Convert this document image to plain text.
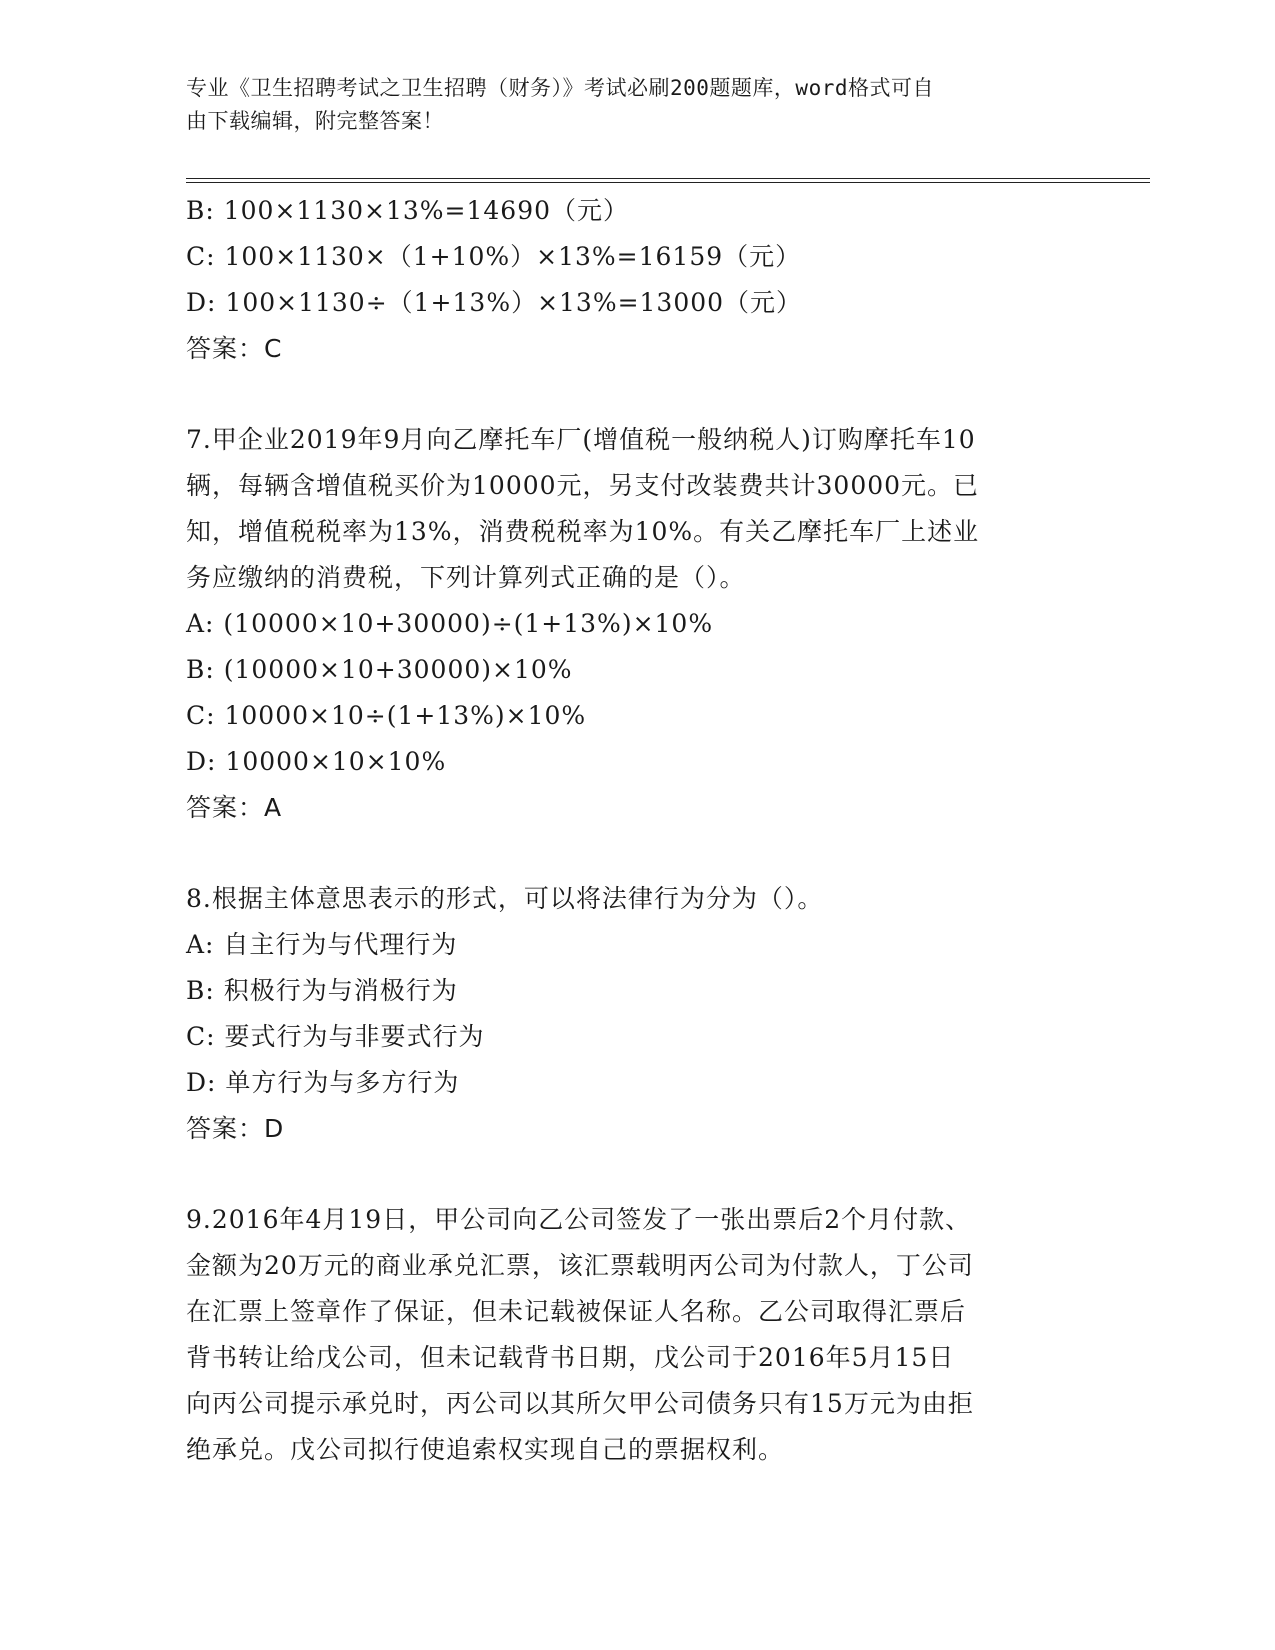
专业《卫生招聘考试之卫生招聘（财务）》考试必刷200题题库，word格式可自
由下载编辑，附完整答案！
B: 100×1130×13%=14690（元）
C: 100×1130×（1+10%）×13%=16159（元）
D: 100×1130÷（1+13%）×13%=13000（元）
答案：C
7.甲企业2019年9月向乙摩托车厂(增值税一般纳税人)订购摩托车10
辆，每辆含增值税买价为10000元，另支付改装费共计30000元。已
知，增值税税率为13%，消费税税率为10%。有关乙摩托车厂上述业
务应缴纳的消费税，下列计算列式正确的是（）。
A: (10000×10+30000)÷(1+13%)×10%
B: (10000×10+30000)×10%
C: 10000×10÷(1+13%)×10%
D: 10000×10×10%
答案：A
8.根据主体意思表示的形式，可以将法律行为分为（）。
A: 自主行为与代理行为
B: 积极行为与消极行为
C: 要式行为与非要式行为
D: 单方行为与多方行为
答案：D
9.2016年4月19日，甲公司向乙公司签发了一张出票后2个月付款、
金额为20万元的商业承兑汇票，该汇票载明丙公司为付款人，丁公司
在汇票上签章作了保证，但未记载被保证人名称。乙公司取得汇票后
背书转让给戊公司，但未记载背书日期，戊公司于2016年5月15日
向丙公司提示承兑时，丙公司以其所欠甲公司债务只有15万元为由拒
绝承兑。戊公司拟行使追索权实现自己的票据权利。
